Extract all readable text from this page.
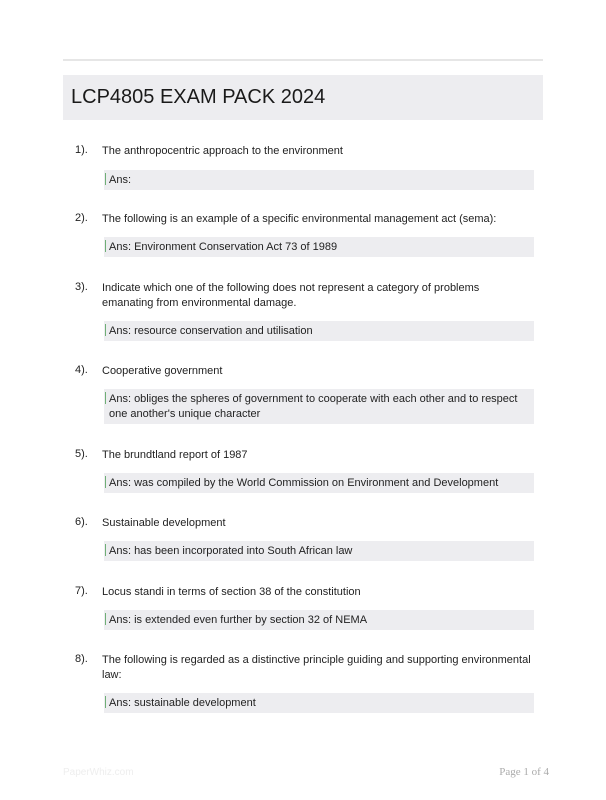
LCP4805 EXAM PACK 2024
1). The anthropocentric approach to the environment
Ans:
2). The following is an example of a specific environmental management act (sema):
Ans: Environment Conservation Act 73 of 1989
3). Indicate which one of the following does not represent a category of problems emanating from environmental damage.
Ans: resource conservation and utilisation
4). Cooperative government
Ans: obliges the spheres of government to cooperate with each other and to respect one another's unique character
5). The brundtland report of 1987
Ans: was compiled by the World Commission on Environment and Development
6). Sustainable development
Ans: has been incorporated into South African law
7). Locus standi in terms of section 38 of the constitution
Ans: is extended even further by section 32 of NEMA
8). The following is regarded as a distinctive principle guiding and supporting environmental law:
Ans: sustainable development
PaperWhiz.com	Page 1 of 4
